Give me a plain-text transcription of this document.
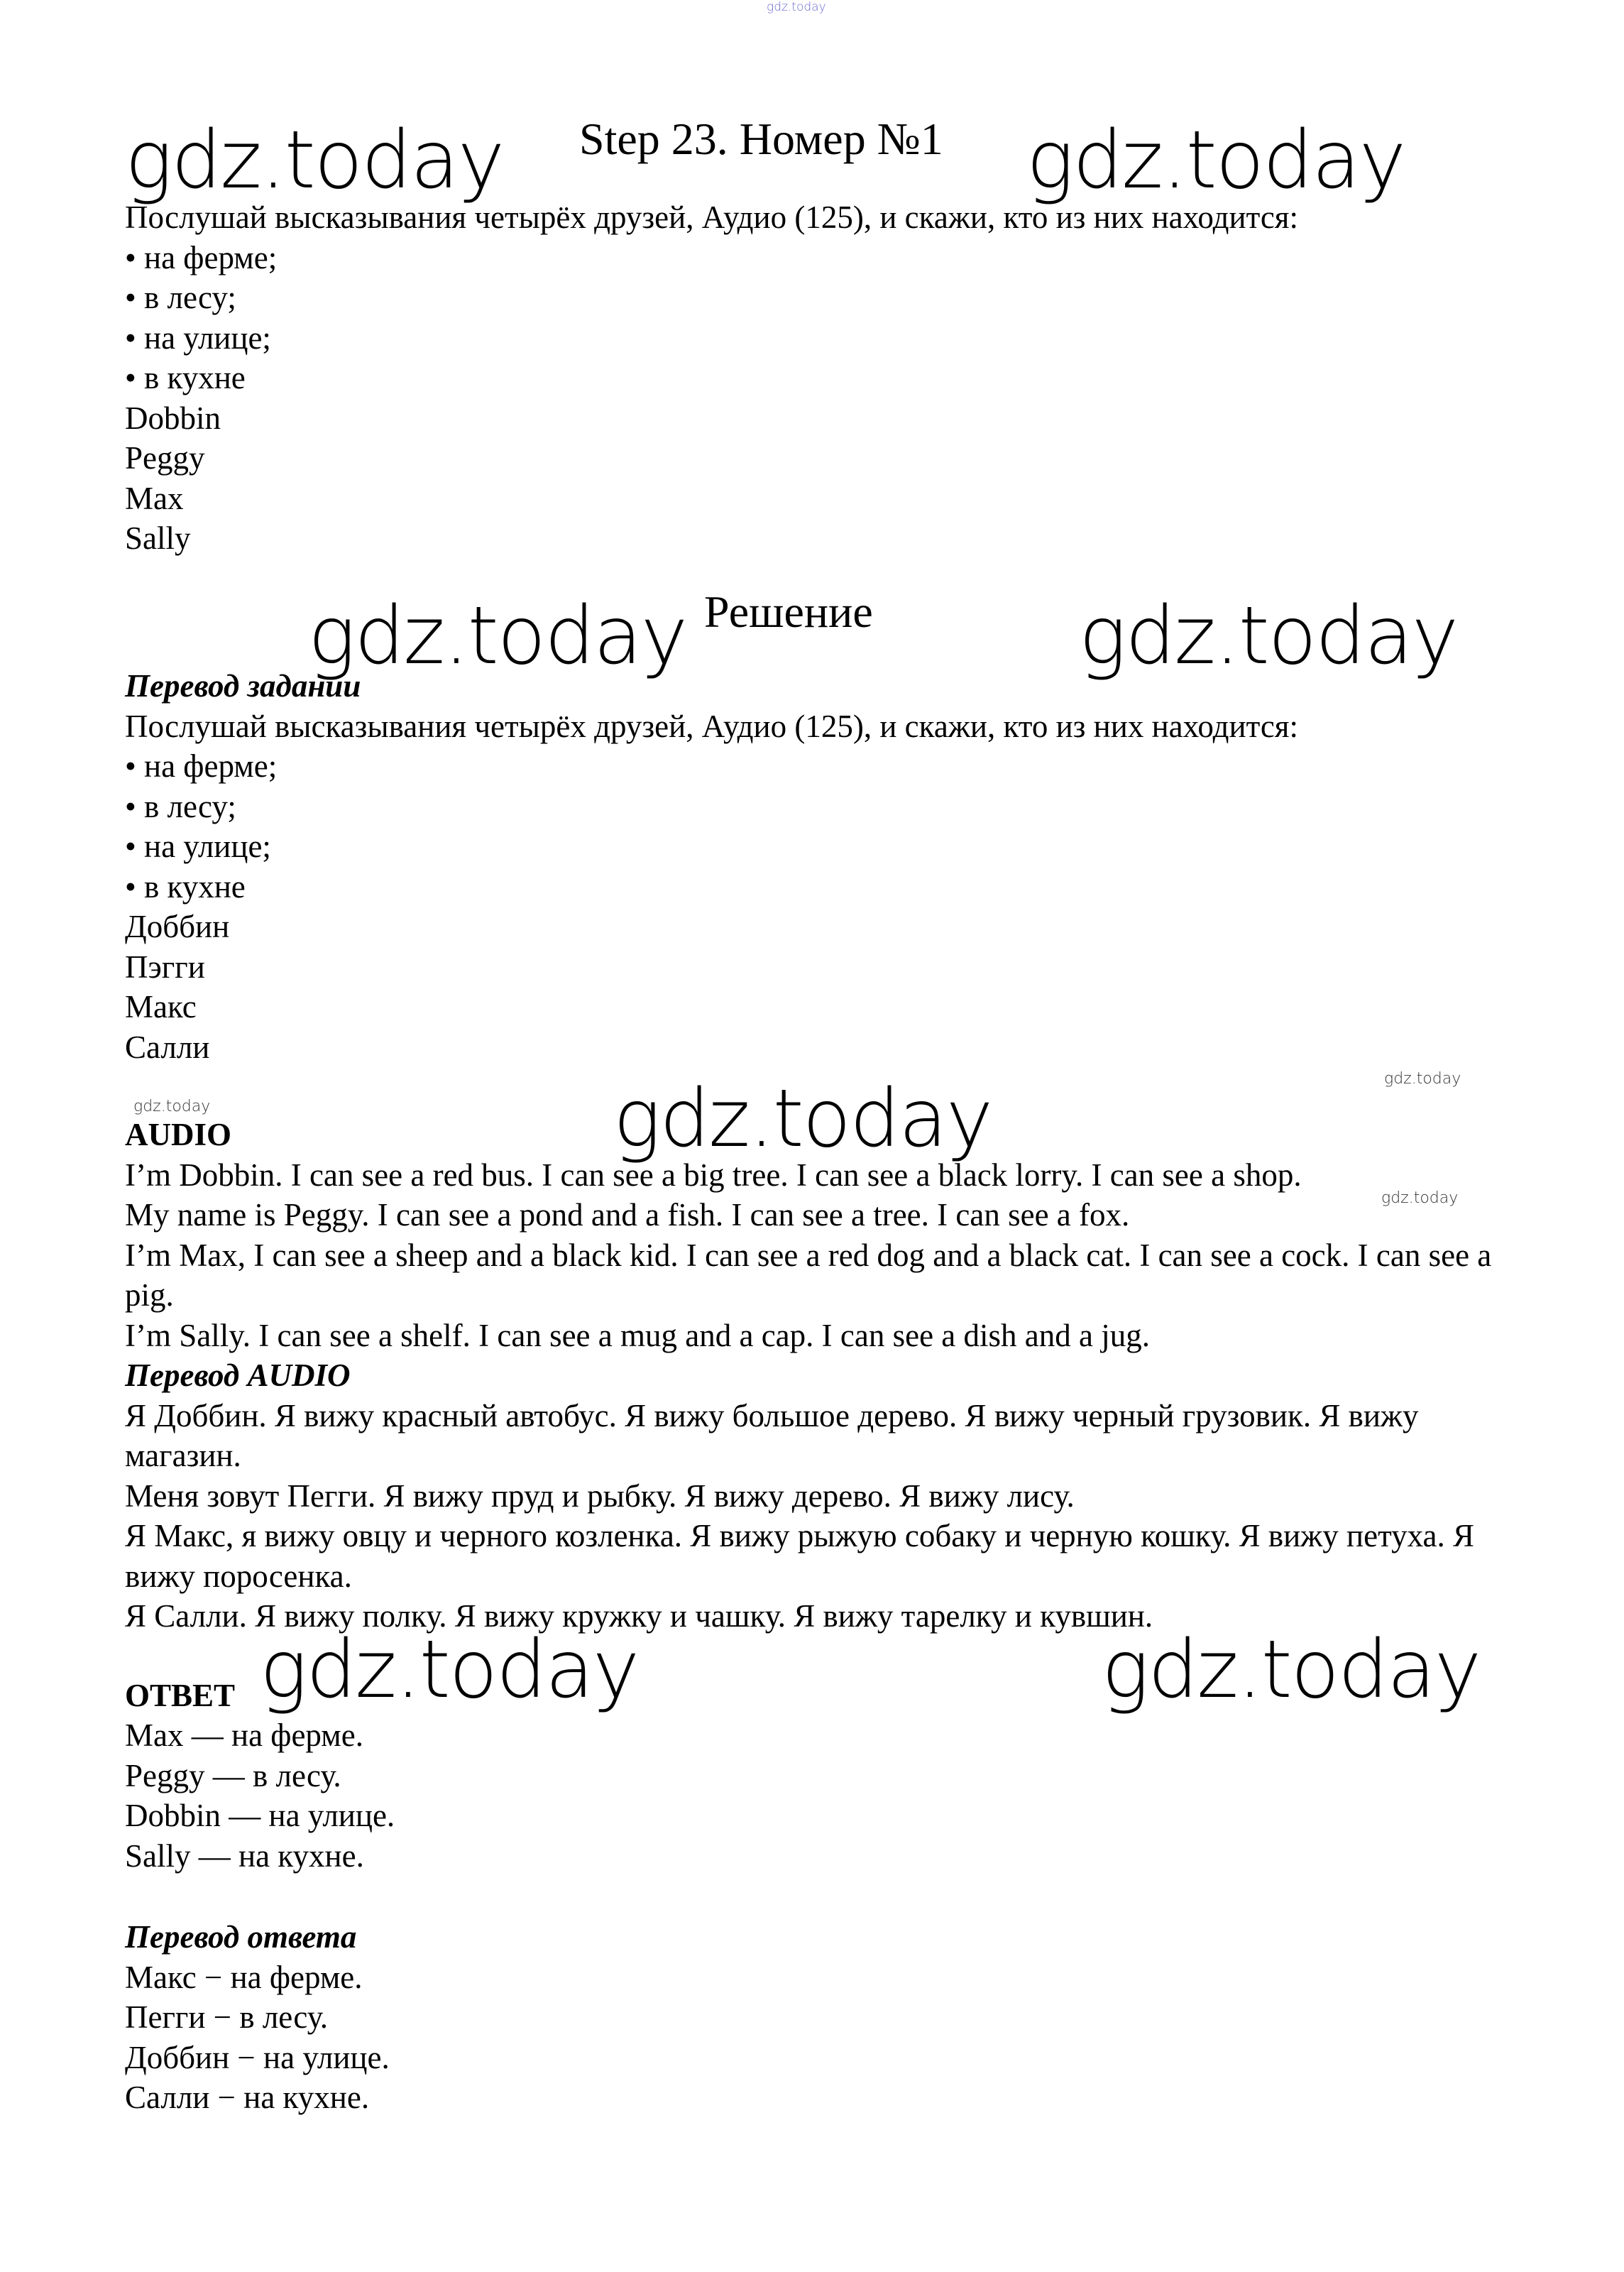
gdz.today
gdz.today	gdz.today
gdz.today	gdz.today
gdz.today	gdz.today
gdz.today
gdz.today
gdz.today	gdz.today
Step 23. Номер №1
Послушай высказывания четырёх друзей, Аудио (125), и скажи, кто из них находится:
• на ферме;
• в лесу;
• на улице;
• в кухне
Dobbin
Peggy
Max
Sally
Решение
Перевод задании
Послушай высказывания четырёх друзей, Аудио (125), и скажи, кто из них находится:
• на ферме;
• в лесу;
• на улице;
• в кухне
Доббин
Пэгги
Макс
Салли
AUDIO
I’m Dobbin. I can see a red bus. I can see a big tree. I can see a black lorry. I can see a shop.
My name is Peggy. I can see a pond and a fish. I can see a tree. I can see a fox.
I’m Max, I can see a sheep and a black kid. I can see a red dog and a black cat. I can see a cock. I can see a pig.
I’m Sally. I can see a shelf. I can see a mug and a cap. I can see a dish and a jug.
Перевод AUDIO
Я Доббин. Я вижу красный автобус. Я вижу большое дерево. Я вижу черный грузовик. Я вижу магазин.
Меня зовут Пегги. Я вижу пруд и рыбку. Я вижу дерево. Я вижу лису.
Я Макс, я вижу овцу и черного козленка. Я вижу рыжую собаку и черную кошку. Я вижу петуха. Я вижу поросенка.
Я Салли. Я вижу полку. Я вижу кружку и чашку. Я вижу тарелку и кувшин.
ОТВЕТ
Max — на ферме.
Peggy — в лесу.
Dobbin — на улице.
Sally — на кухне.
Перевод ответа
Макс − на ферме.
Пегги − в лесу.
Доббин − на улице.
Салли − на кухне.
